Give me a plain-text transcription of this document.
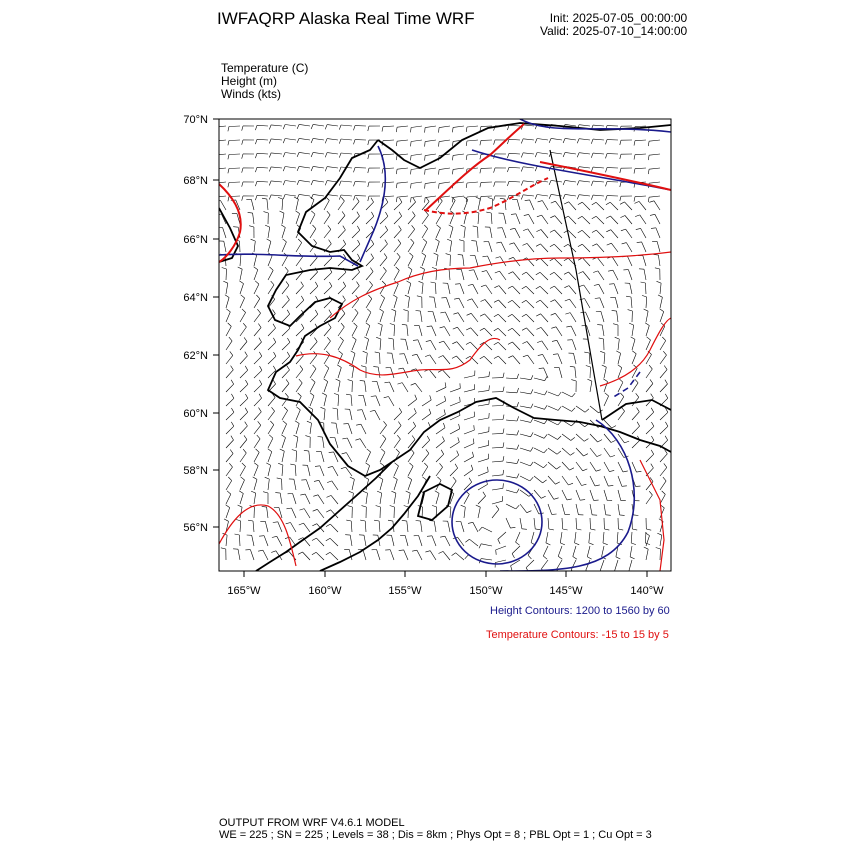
IWFAQRP Alaska Real Time WRF	Init: 2025-07-05_00:00:00
Valid: 2025-07-10_14:00:00
Temperature (C)
Height (m)
Winds (kts)
70°N
68°N
66°N
64°N
62°N
60°N
58°N
56°N
165°W	160°W	155°W	150°W	145°W	140°W
Height Contours: 1200 to 1560 by 60
Temperature Contours: -15 to 15 by 5
OUTPUT FROM WRF V4.6.1 MODEL
WE = 225 ; SN = 225 ; Levels = 38 ; Dis = 8km ; Phys Opt = 8 ; PBL Opt = 1 ; Cu Opt = 3
